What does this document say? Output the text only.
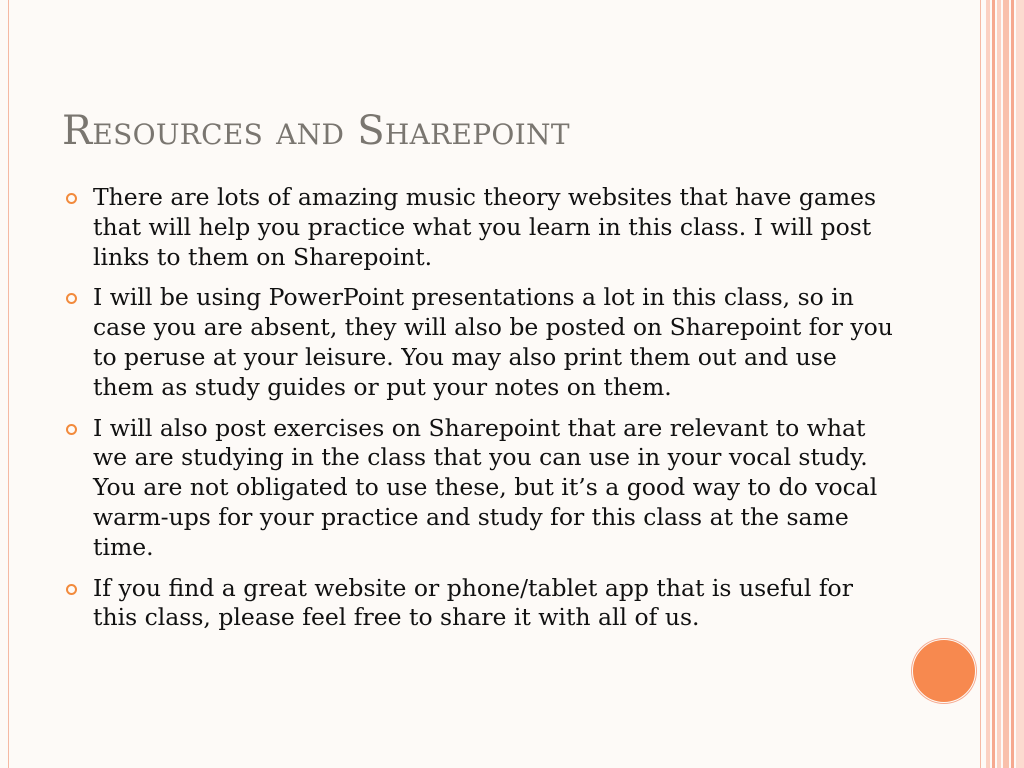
Resources and Sharepoint
There are lots of amazing music theory websites that have games that will help you practice what you learn in this class. I will post links to them on Sharepoint.
I will be using PowerPoint presentations a lot in this class, so in case you are absent, they will also be posted on Sharepoint for you to peruse at your leisure. You may also print them out and use them as study guides or put your notes on them.
I will also post exercises on Sharepoint that are relevant to what we are studying in the class that you can use in your vocal study. You are not obligated to use these, but it’s a good way to do vocal warm-ups for your practice and study for this class at the same time.
If you find a great website or phone/tablet app that is useful for this class, please feel free to share it with all of us.
